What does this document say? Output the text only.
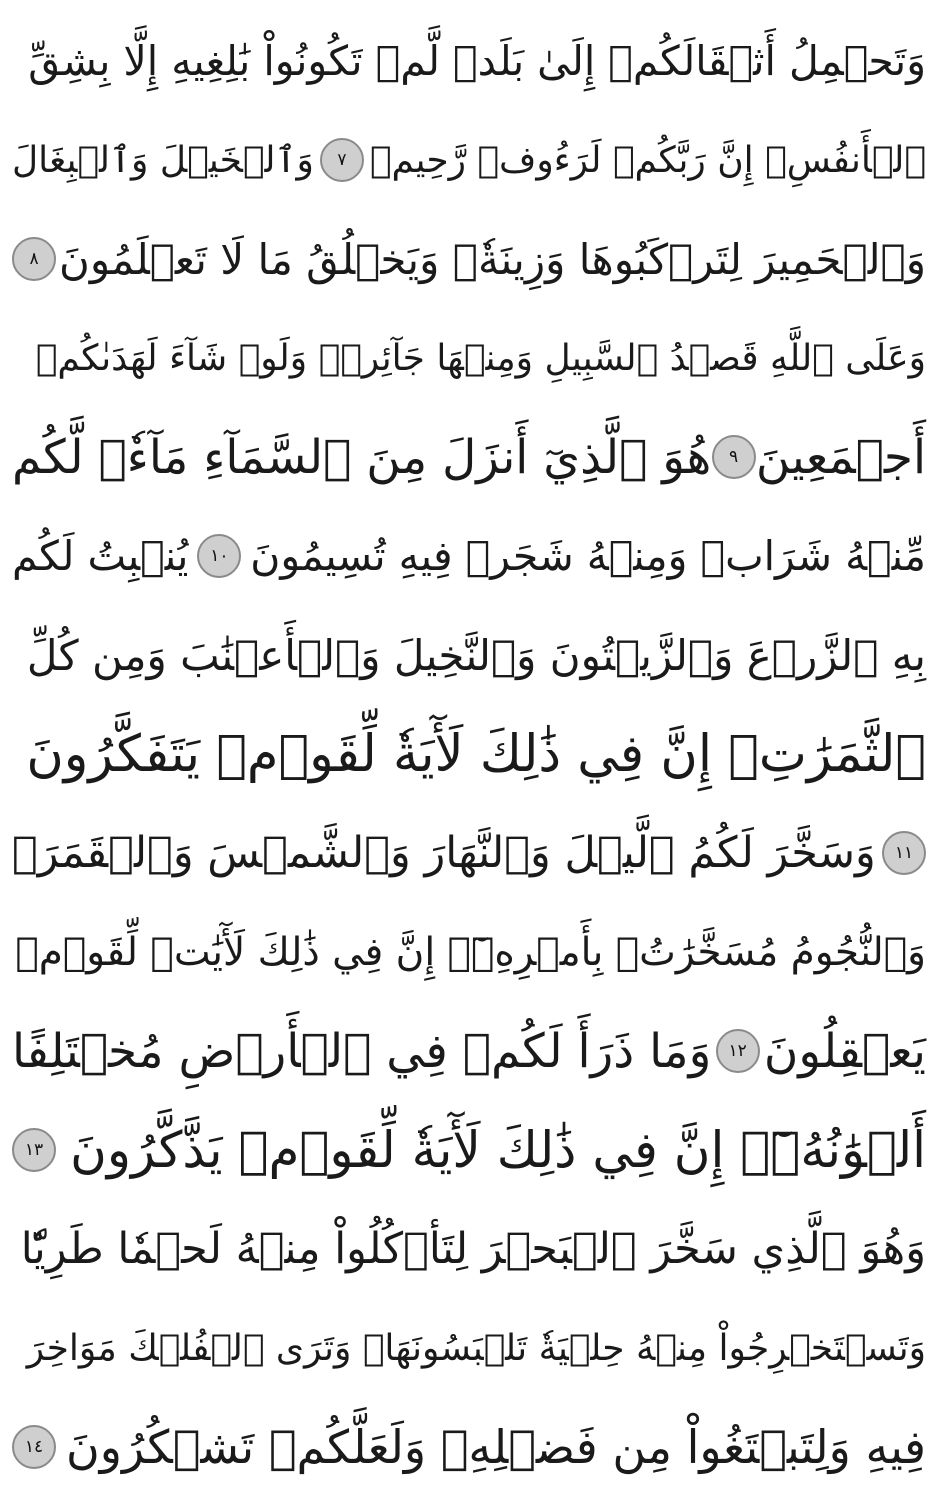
وَتَحۡمِلُ أَثۡقَالَكُمۡ إِلَىٰ بَلَدٖ لَّمۡ تَكُونُواْ بَٰلِغِيهِ إِلَّا بِشِقِّ
ٱلۡأَنفُسِۚ إِنَّ رَبَّكُمۡ لَرَءُوفٞ رَّحِيمٞ
٧
وَٱلۡخَيۡلَ وَٱلۡبِغَالَ
وَٱلۡحَمِيرَ لِتَرۡكَبُوهَا وَزِينَةٗۚ وَيَخۡلُقُ مَا لَا تَعۡلَمُونَ
٨
وَعَلَى ٱللَّهِ قَصۡدُ ٱلسَّبِيلِ وَمِنۡهَا جَآئِرٞۚ وَلَوۡ شَآءَ لَهَدَىٰكُمۡ
أَجۡمَعِينَ
٩
هُوَ ٱلَّذِيٓ أَنزَلَ مِنَ ٱلسَّمَآءِ مَآءٗۖ لَّكُم
مِّنۡهُ شَرَابٞ وَمِنۡهُ شَجَرٞ فِيهِ تُسِيمُونَ
١٠
يُنۢبِتُ لَكُم
بِهِ ٱلزَّرۡعَ وَٱلزَّيۡتُونَ وَٱلنَّخِيلَ وَٱلۡأَعۡنَٰبَ وَمِن كُلِّ
ٱلثَّمَرَٰتِۚ إِنَّ فِي ذَٰلِكَ لَأٓيَةٗ لِّقَوۡمٖ يَتَفَكَّرُونَ
١١
وَسَخَّرَ لَكُمُ ٱلَّيۡلَ وَٱلنَّهَارَ وَٱلشَّمۡسَ وَٱلۡقَمَرَۖ
وَٱلنُّجُومُ مُسَخَّرَٰتُۢ بِأَمۡرِهِۦٓۚ إِنَّ فِي ذَٰلِكَ لَأٓيَٰتٖ لِّقَوۡمٖ
يَعۡقِلُونَ
١٢
وَمَا ذَرَأَ لَكُمۡ فِي ٱلۡأَرۡضِ مُخۡتَلِفًا
أَلۡوَٰنُهُۥٓۚ إِنَّ فِي ذَٰلِكَ لَأٓيَةٗ لِّقَوۡمٖ يَذَّكَّرُونَ
١٣
وَهُوَ ٱلَّذِي سَخَّرَ ٱلۡبَحۡرَ لِتَأۡكُلُواْ مِنۡهُ لَحۡمٗا طَرِيّٗا
وَتَسۡتَخۡرِجُواْ مِنۡهُ حِلۡيَةٗ تَلۡبَسُونَهَاۖ وَتَرَى ٱلۡفُلۡكَ مَوَاخِرَ
فِيهِ وَلِتَبۡتَغُواْ مِن فَضۡلِهِۦ وَلَعَلَّكُمۡ تَشۡكُرُونَ
١٤
